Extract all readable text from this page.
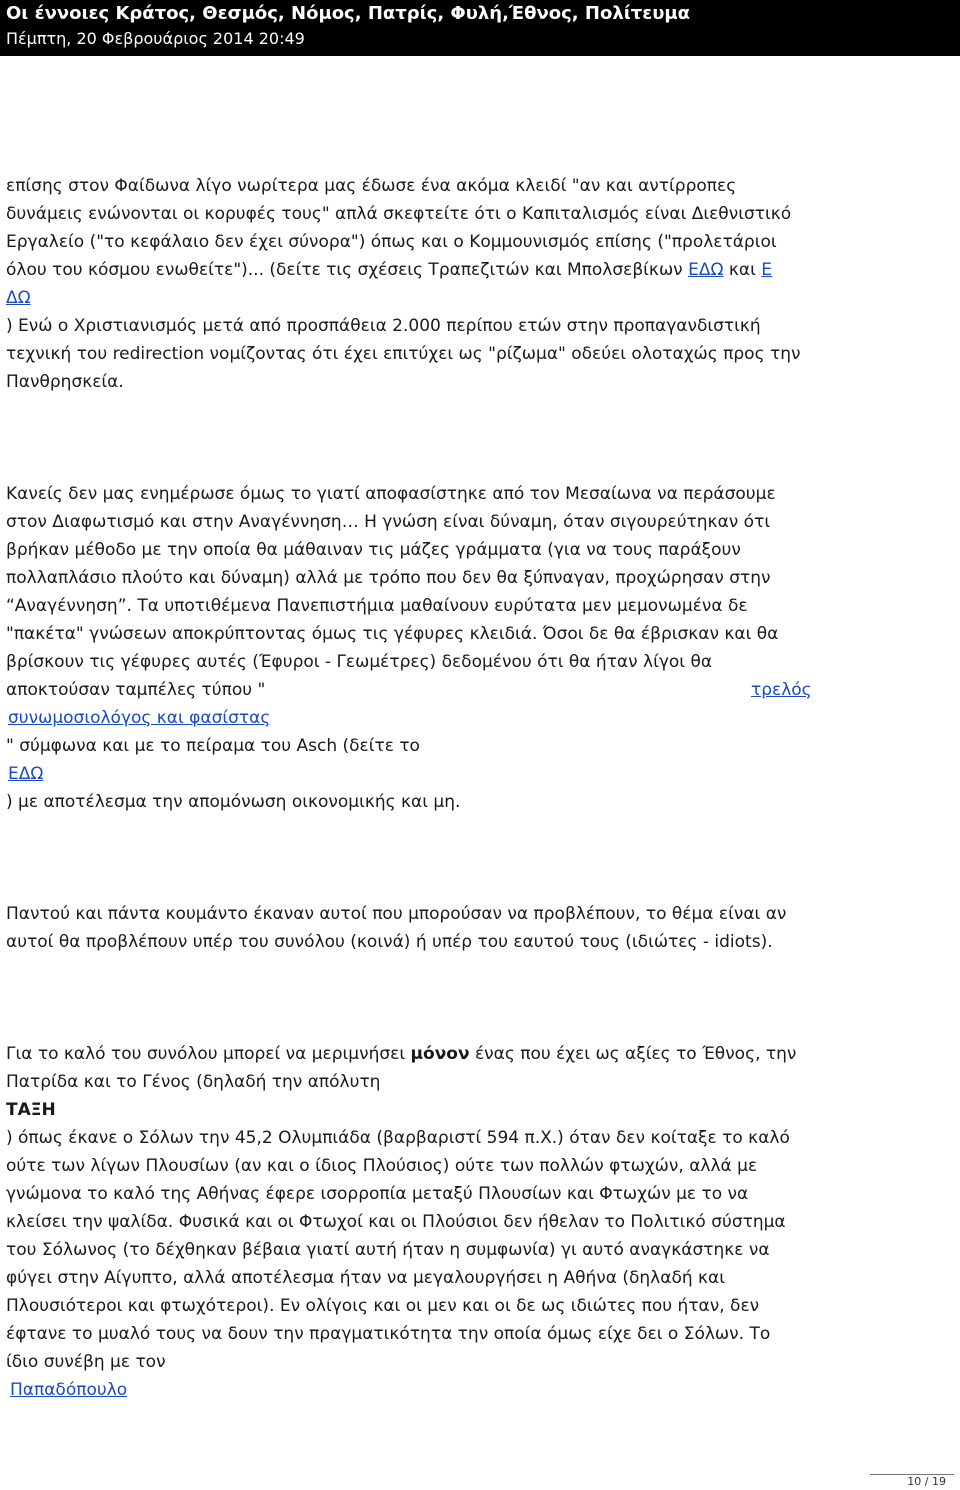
Οι έννοιες Κράτος, Θεσμός, Νόμος, Πατρίς, Φυλή,Έθνος, Πολίτευμα
Πέμπτη, 20 Φεβρουάριος 2014 20:49
επίσης στον Φαίδωνα λίγο νωρίτερα μας έδωσε ένα ακόμα κλειδί "αν και αντίρροπες
δυνάμεις ενώνονται οι κορυφές τους" απλά σκεφτείτε ότι ο Καπιταλισμός είναι Διεθνιστικό
Εργαλείο ("το κεφάλαιο δεν έχει σύνορα") όπως και ο Κομμουνισμός επίσης ("προλετάριοι
όλου του κόσμου ενωθείτε")... (δείτε τις σχέσεις Τραπεζιτών και Μπολσεβίκων ΕΔΩ και Ε
ΔΩ
) Ενώ ο Χριστιανισμός μετά από προσπάθεια 2.000 περίπου ετών στην προπαγανδιστική
τεχνική του redirection νομίζοντας ότι έχει επιτύχει ως "ρίζωμα" οδεύει ολοταχώς προς την
Πανθρησκεία.
Κανείς δεν μας ενημέρωσε όμως το γιατί αποφασίστηκε από τον Μεσαίωνα να περάσουμε
στον Διαφωτισμό και στην Αναγέννηση… Η γνώση είναι δύναμη, όταν σιγουρεύτηκαν ότι
βρήκαν μέθοδο με την οποία θα μάθαιναν τις μάζες γράμματα (για να τους παράξουν
πολλαπλάσιο πλούτο και δύναμη) αλλά με τρόπο που δεν θα ξύπναγαν, προχώρησαν στην
“Αναγέννηση”. Τα υποτιθέμενα Πανεπιστήμια μαθαίνουν ευρύτατα μεν μεμονωμένα δε
"πακέτα" γνώσεων αποκρύπτοντας όμως τις γέφυρες κλειδιά. Όσοι δε θα έβρισκαν και θα
βρίσκουν τις γέφυρες αυτές (Έφυροι - Γεωμέτρες) δεδομένου ότι θα ήταν λίγοι θα
αποκτούσαν ταμπέλες τύπου "	τρελός
συνωμοσιολόγος και φασίστας
" σύμφωνα και με το πείραμα του Asch (δείτε το
ΕΔΩ
) με αποτέλεσμα την απομόνωση οικονομικής και μη.
Παντού και πάντα κουμάντο έκαναν αυτοί που μπορούσαν να προβλέπουν, το θέμα είναι αν
αυτοί θα προβλέπουν υπέρ του συνόλου (κοινά) ή υπέρ του εαυτού τους (ιδιώτες - idiots).
Για το καλό του συνόλου μπορεί να μεριμνήσει μόνον ένας που έχει ως αξίες το Έθνος, την
Πατρίδα και το Γένος (δηλαδή την απόλυτη
ΤΑΞΗ
) όπως έκανε ο Σόλων την 45,2 Ολυμπιάδα (βαρβαριστί 594 π.Χ.) όταν δεν κοίταξε το καλό
ούτε των λίγων Πλουσίων (αν και ο ίδιος Πλούσιος) ούτε των πολλών φτωχών, αλλά με
γνώμονα το καλό της Αθήνας έφερε ισορροπία μεταξύ Πλουσίων και Φτωχών με το να
κλείσει την ψαλίδα. Φυσικά και οι Φτωχοί και οι Πλούσιοι δεν ήθελαν το Πολιτικό σύστημα
του Σόλωνος (το δέχθηκαν βέβαια γιατί αυτή ήταν η συμφωνία) γι αυτό αναγκάστηκε να
φύγει στην Αίγυπτο, αλλά αποτέλεσμα ήταν να μεγαλουργήσει η Αθήνα (δηλαδή και
Πλουσιότεροι και φτωχότεροι). Εν ολίγοις και οι μεν και οι δε ως ιδιώτες που ήταν, δεν
έφτανε το μυαλό τους να δουν την πραγματικότητα την οποία όμως είχε δει ο Σόλων. Το
ίδιο συνέβη με τον
Παπαδόπουλο
10 / 19
